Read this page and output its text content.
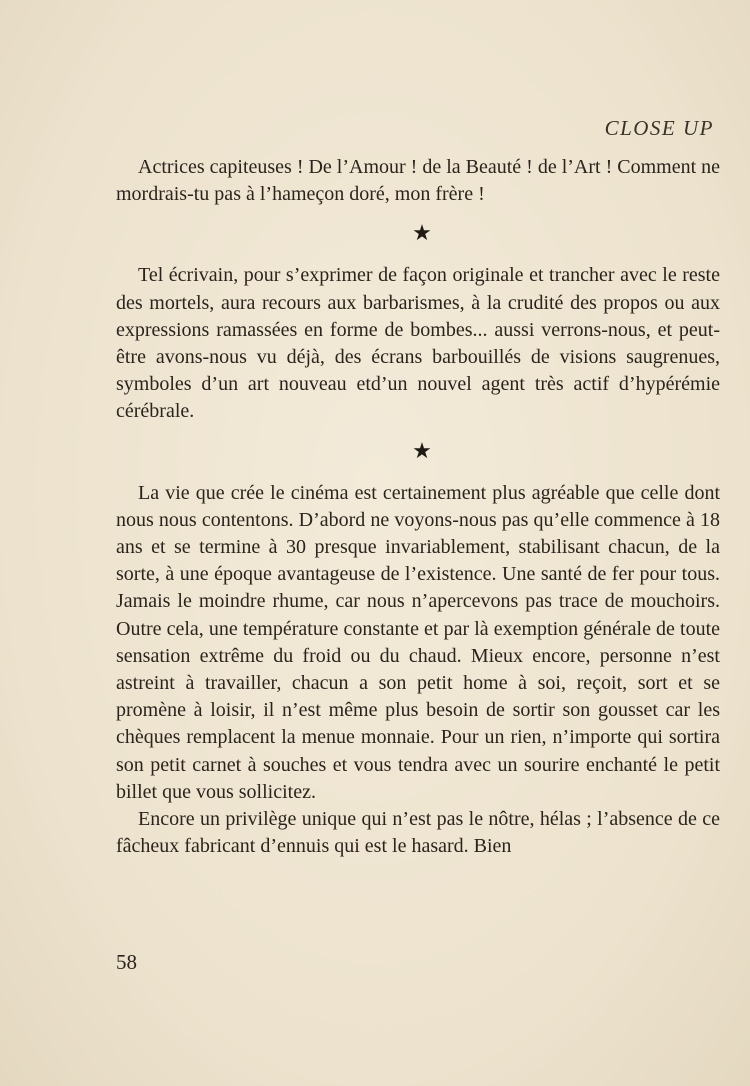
CLOSE UP

Actrices capiteuses ! De l’Amour ! de la Beauté ! de l’Art ! Comment ne mordrais-tu pas à l’hameçon doré, mon frère !

★

Tel écrivain, pour s’exprimer de façon originale et trancher avec le reste des mortels, aura recours aux barbarismes, à la crudité des propos ou aux expressions ramassées en forme de bombes... aussi verrons-nous, et peut-être avons-nous vu déjà, des écrans barbouillés de visions saugrenues, symboles d’un art nouveau etd’un nouvel agent très actif d’hypérémie cérébrale.

★

La vie que crée le cinéma est certainement plus agréable que celle dont nous nous contentons. D’abord ne voyons-nous pas qu’elle commence à 18 ans et se termine à 30 presque invariablement, stabilisant chacun, de la sorte, à une époque avantageuse de l’existence. Une santé de fer pour tous. Jamais le moindre rhume, car nous n’apercevons pas trace de mouchoirs. Outre cela, une température constante et par là exemption générale de toute sensation extrême du froid ou du chaud. Mieux encore, personne n’est astreint à travailler, chacun a son petit home à soi, reçoit, sort et se promène à loisir, il n’est même plus besoin de sortir son gousset car les chèques remplacent la menue monnaie. Pour un rien, n’importe qui sortira son petit carnet à souches et vous tendra avec un sourire enchanté le petit billet que vous sollicitez.

Encore un privilège unique qui n’est pas le nôtre, hélas ; l’absence de ce fâcheux fabricant d’ennuis qui est le hasard. Bien

58
